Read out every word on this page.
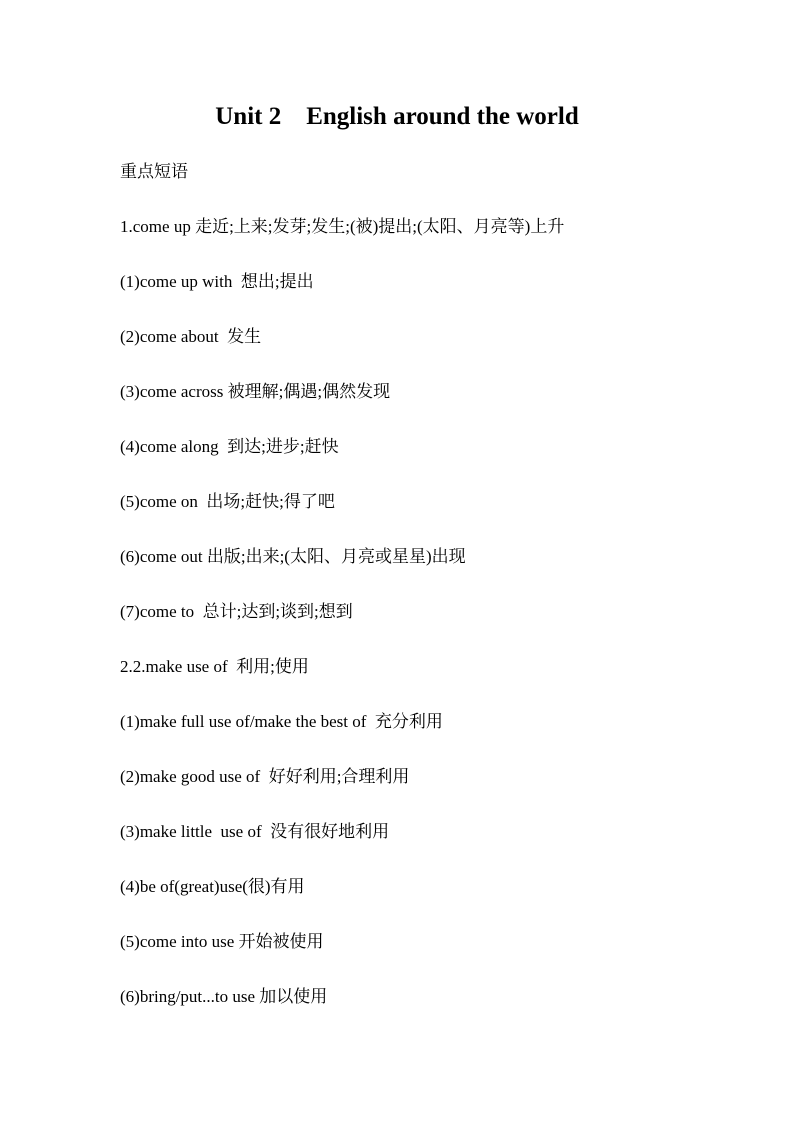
Unit 2    English around the world
重点短语
1.come up 走近;上来;发芽;发生;(被)提出;(太阳、月亮等)上升
(1)come up with  想出;提出
(2)come about  发生
(3)come across 被理解;偶遇;偶然发现
(4)come along  到达;进步;赶快
(5)come on  出场;赶快;得了吧
(6)come out 出版;出来;(太阳、月亮或星星)出现
(7)come to  总计;达到;谈到;想到
2.2.make use of  利用;使用
(1)make full use of/make the best of  充分利用
(2)make good use of  好好利用;合理利用
(3)make little  use of  没有很好地利用
(4)be of(great)use(很)有用
(5)come into use 开始被使用
(6)bring/put...to use 加以使用
